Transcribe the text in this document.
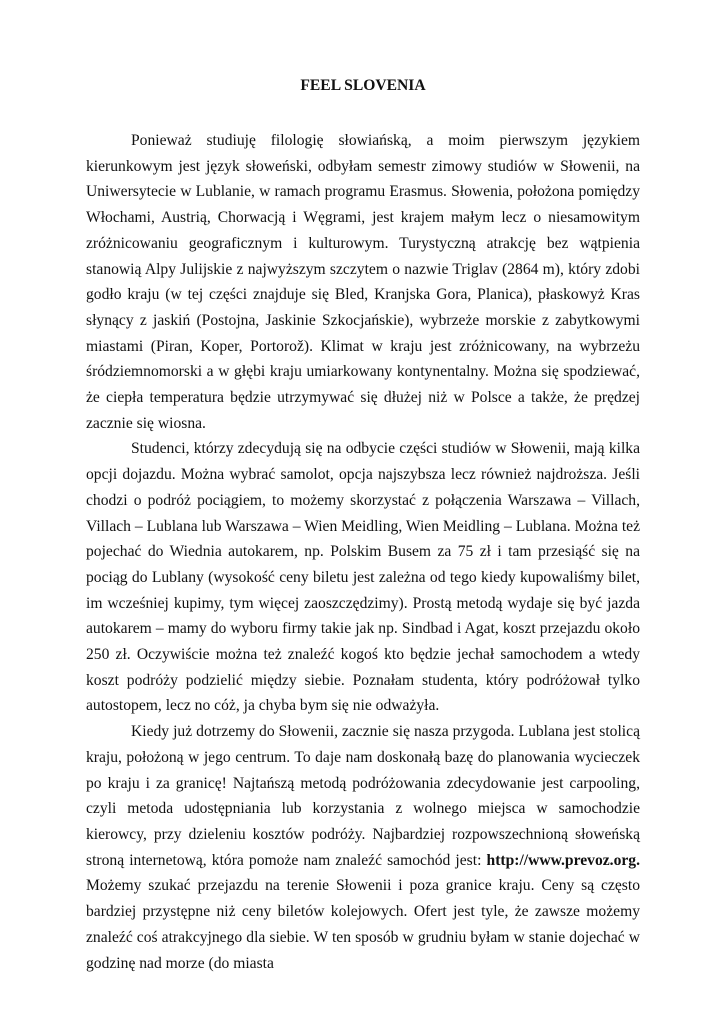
FEEL SLOVENIA

Ponieważ studiuję filologię słowiańską, a moim pierwszym językiem kierunkowym jest język słoweński, odbyłam semestr zimowy studiów w Słowenii, na Uniwersytecie w Lublanie, w ramach programu Erasmus. Słowenia, położona pomiędzy Włochami, Austrią, Chorwacją i Węgrami, jest krajem małym lecz o niesamowitym zróżnicowaniu geograficznym i kulturowym. Turystyczną atrakcję bez wątpienia stanowią Alpy Julijskie z najwyższym szczytem o nazwie Triglav (2864 m), który zdobi godło kraju (w tej części znajduje się Bled, Kranjska Gora, Planica), płaskowyż Kras słynący z jaskiń (Postojna, Jaskinie Szkocjańskie), wybrzeże morskie z zabytkowymi miastami (Piran, Koper, Portorož). Klimat w kraju jest zróżnicowany, na wybrzeżu śródziemnomorski a w głębi kraju umiarkowany kontynentalny. Można się spodziewać, że ciepła temperatura będzie utrzymywać się dłużej niż w Polsce a także, że prędzej zacznie się wiosna.

Studenci, którzy zdecydują się na odbycie części studiów w Słowenii, mają kilka opcji dojazdu. Można wybrać samolot, opcja najszybsza lecz również najdroższa. Jeśli chodzi o podróż pociągiem, to możemy skorzystać z połączenia Warszawa – Villach, Villach – Lublana lub Warszawa – Wien Meidling, Wien Meidling – Lublana. Można też pojechać do Wiednia autokarem, np. Polskim Busem za 75 zł i tam przesiąść się na pociąg do Lublany (wysokość ceny biletu jest zależna od tego kiedy kupowaliśmy bilet, im wcześniej kupimy, tym więcej zaoszczędzimy). Prostą metodą wydaje się być jazda autokarem – mamy do wyboru firmy takie jak np. Sindbad i Agat, koszt przejazdu około 250 zł. Oczywiście można też znaleźć kogoś kto będzie jechał samochodem a wtedy koszt podróży podzielić między siebie. Poznałam studenta, który podróżował tylko autostopem, lecz no cóż, ja chyba bym się nie odważyła.

Kiedy już dotrzemy do Słowenii, zacznie się nasza przygoda. Lublana jest stolicą kraju, położoną w jego centrum. To daje nam doskonałą bazę do planowania wycieczek po kraju i za granicę! Najtańszą metodą podróżowania zdecydowanie jest carpooling, czyli metoda udostępniania lub korzystania z wolnego miejsca w samochodzie kierowcy, przy dzieleniu kosztów podróży. Najbardziej rozpowszechnioną słoweńską stroną internetową, która pomoże nam znaleźć samochód jest: http://www.prevoz.org. Możemy szukać przejazdu na terenie Słowenii i poza granice kraju. Ceny są często bardziej przystępne niż ceny biletów kolejowych. Ofert jest tyle, że zawsze możemy znaleźć coś atrakcyjnego dla siebie. W ten sposób w grudniu byłam w stanie dojechać w godzinę nad morze (do miasta
